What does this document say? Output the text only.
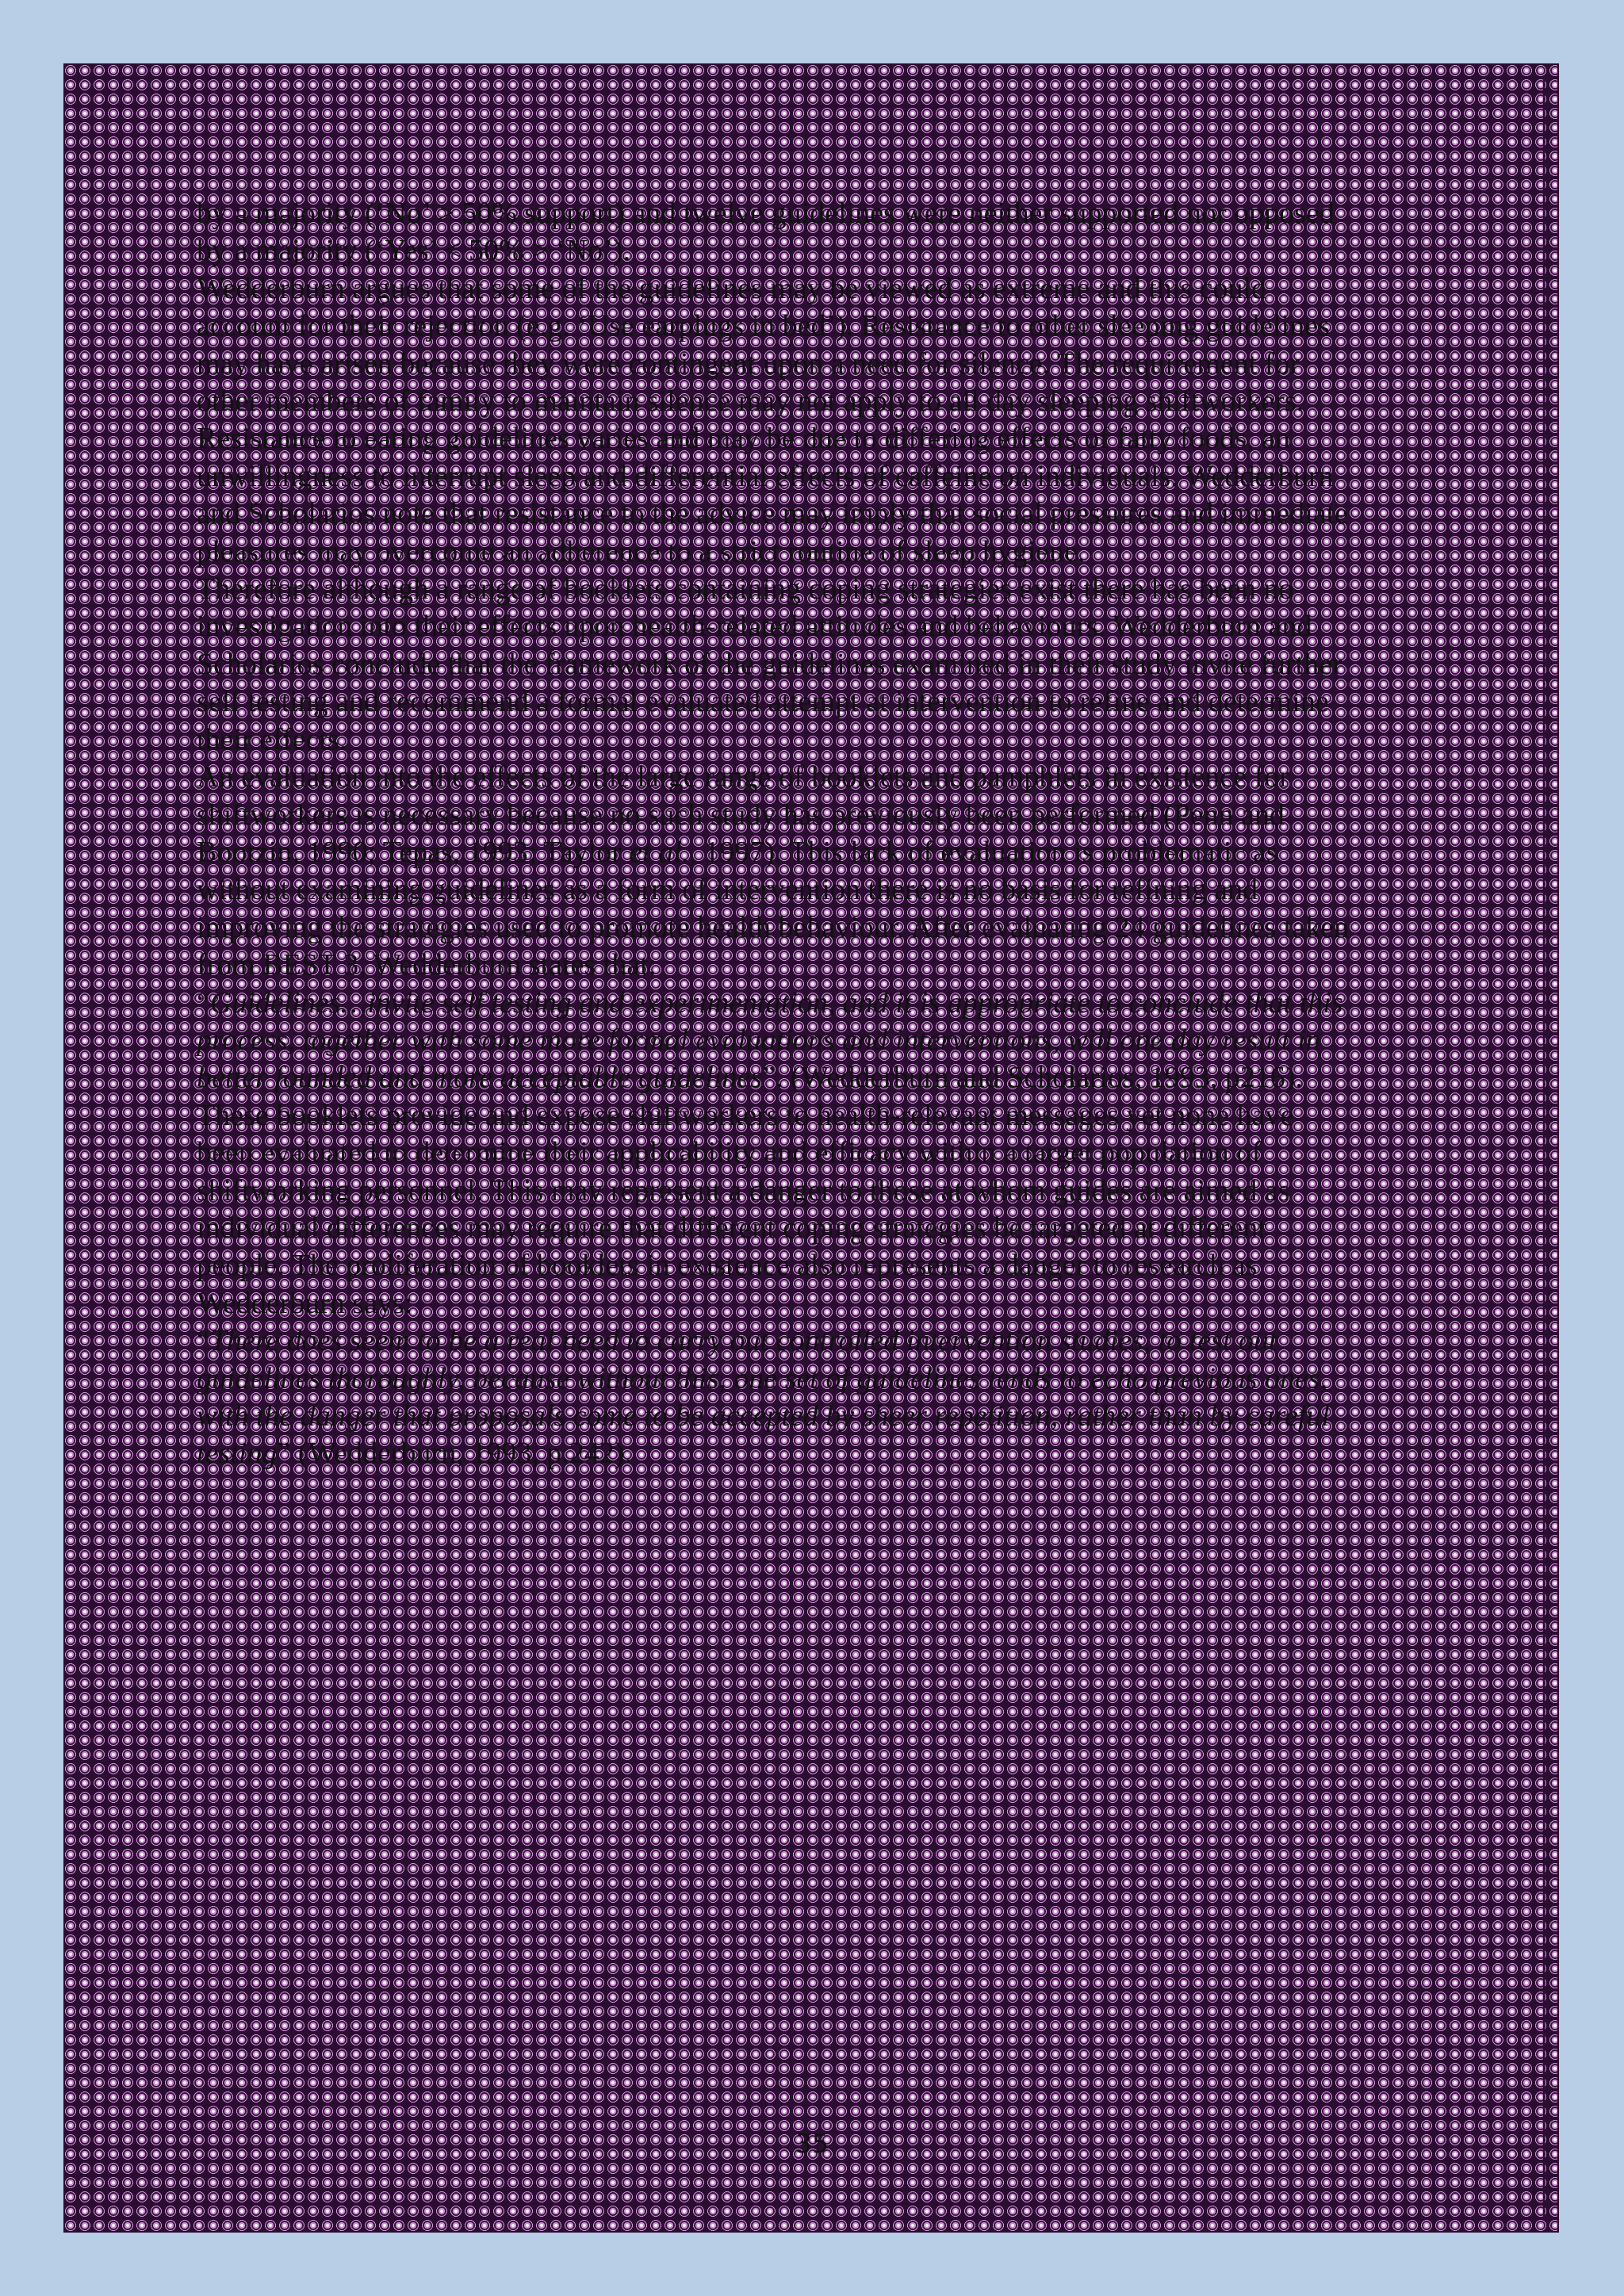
by a majority (‘No’ > 50% support) and twelve guidelines were neither supported nor opposed by a majority (‘Yes’ < 50% > ‘No’).

Wedderburn argues that some of the guidelines may be viewed as extreme and this could account for their rejection (e.g. ‘Use earplugs in bed’). Resistance to other sleeping guidelines may have arisen because they were contingent upon a need for silence. The requirement for other members of family to maintain silence may not apply to all day sleeping shiftworkers. Resistance to eating guidelines varies and may be due to differing effects of fatty foods, an unwillingness to interrupt sleep and differential effects of caffeine on individuals. Wedderburn and Scholarios note that resistance to the advice may imply that social pressures and immediate pleasures may overcome an adherence to a strict routine of sleep hygiene.

Therefore although a range of booklets containing coping strategies exist there has been no investigation into their effects upon health-related attitudes and behaviours. Wedderburn and Scholarios conclude that the framework of the guidelines examined in their study invite further self testing and recommend a formal evaluated attempt at intervention to refine and determine their effects.

An evaluation into the effects of the large range of booklets and pamphlets in existence for shiftworkers is necessary because no such study has previously been performed (Penn and Bootzin, 1990; Tepas, 1993; Taylor et al., 1997). This lack of evaluation is problematic as without examining guidelines as a form of intervention there is no basis for refining and improving the strategies used to promote health behaviour. After evaluating 24 guidelines taken from BEST 3, Wedderburn states that:

“Guidelines…invite self testing and experimentation, and it is appropriate to conclude that this process, together with some more formal evaluations and interventions, will one day result in better founded and more acceptable guidelines”. (Wedderburn and Scholarios, 1993, p216).

These booklets provide and expose shiftworkers to health-relevant messages yet none have been evaluated to determine their applicability and efficacy within a target population of shiftworking personnel. This may represent a danger to those at whom guides are aimed as individual differences may require that different coping strategies be targeted at different people. The proliferation of booklets in existence also represents a danger to research as Wedderburn says:

“There does seem to be a real need to carry out controlled intervention studies, to test out guidelines thoroughly, because without this, one set of guidelines tends to echo previous ones, with the danger that proposals come to be accepted by sheer repetition, rather than by careful testing” (Wedderburn, 1993, p.242).

35
